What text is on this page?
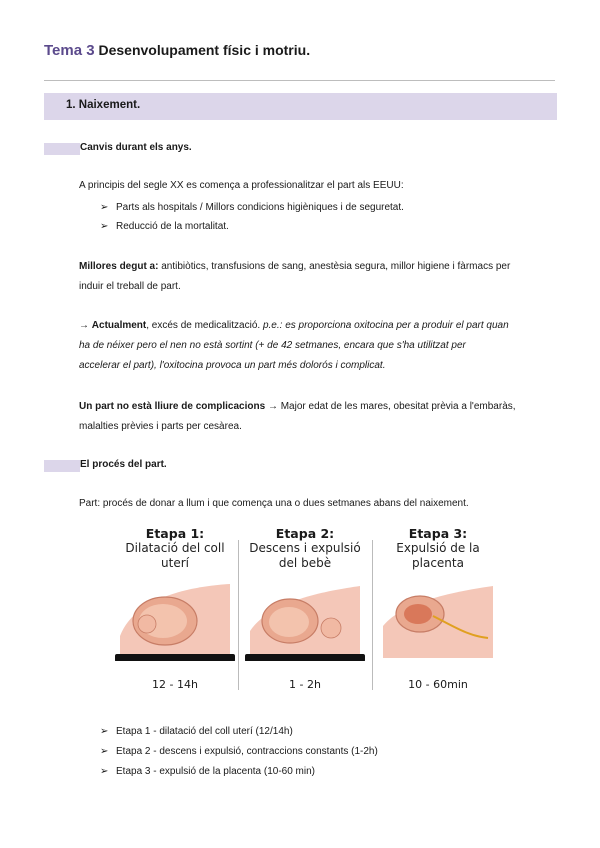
Tema 3 Desenvolupament físic i motriu.
1. Naixement.
Canvis durant els anys.
A principis del segle XX es comença a professionalitzar el part als EEUU:
➢ Parts als hospitals / Millors condicions higièniques i de seguretat.
➢ Reducció de la mortalitat.
Millores degut a: antibiòtics, transfusions de sang, anestèsia segura, millor higiene i fàrmacs per
induir el treball de part.
→ Actualment, excés de medicalització. p.e.: es proporciona oxitocina per a produir el part quan
ha de néixer pero el nen no està sortint (+ de 42 setmanes, encara que s'ha utilitzat per
accelerar el part), l'oxitocina provoca un part més dolorós i complicat.
Un part no està lliure de complicacions → Major edat de les mares, obesitat prèvia a l'embaràs,
malalties prèvies i parts per cesàrea.
El procés del part.
Part: procés de donar a llum i que comença una o dues setmanes abans del naixement.
Etapa 1:
Dilatació del coll
uterí
12 - 14h
Etapa 2:
Descens i expulsió
del bebè
1 - 2h
Etapa 3:
Expulsió de la
placenta
10 - 60min
➢ Etapa 1 - dilatació del coll uterí (12/14h)
➢ Etapa 2 - descens i expulsió, contraccions constants (1-2h)
➢ Etapa 3 - expulsió de la placenta (10-60 min)
